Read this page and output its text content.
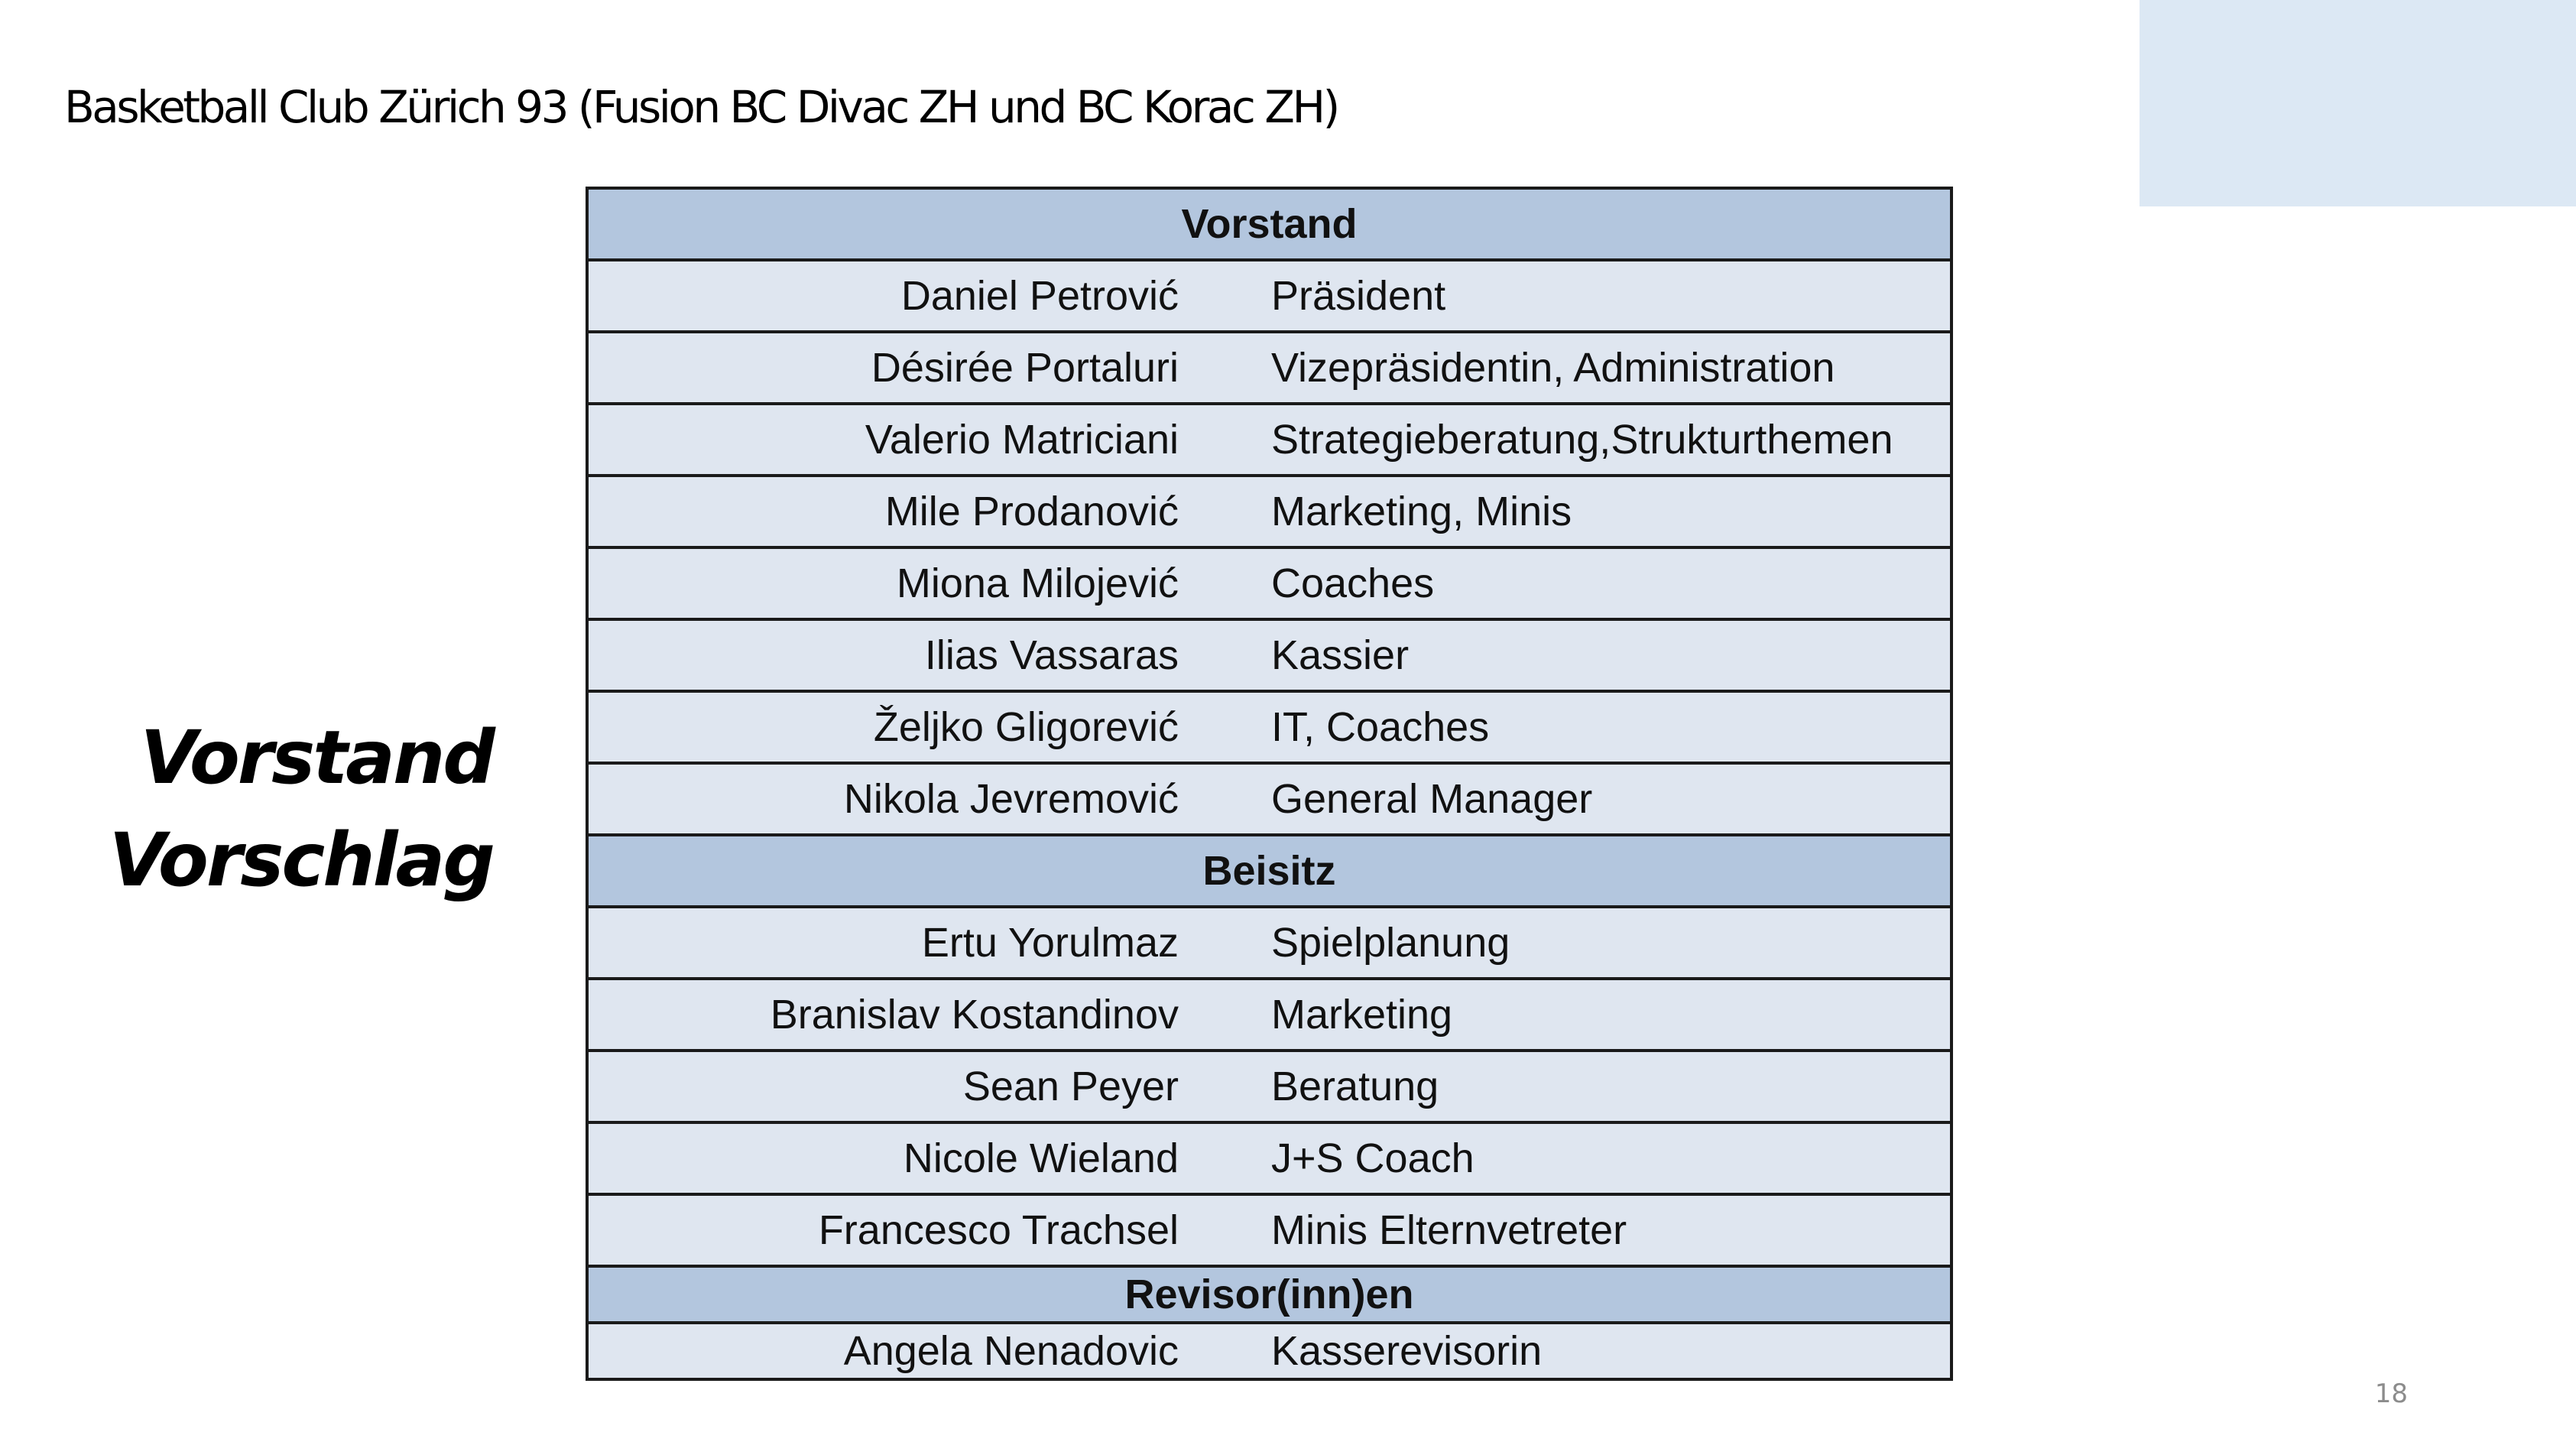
Basketball Club Zürich 93 (Fusion BC Divac ZH und BC Korac ZH)
Vorstand
Vorschlag
Vorstand

Daniel Petrović Präsident

Désirée Portaluri Vizepräsidentin, Administration

Valerio Matriciani Strategieberatung,Strukturthemen

Mile Prodanović Marketing, Minis

Miona Milojević Coaches

Ilias Vassaras Kassier

Željko Gligorević IT, Coaches

Nikola Jevremović General Manager

Beisitz

Ertu Yorulmaz Spielplanung

Branislav Kostandinov Marketing

Sean Peyer Beratung

Nicole Wieland J+S Coach

Francesco Trachsel Minis Elternvetreter

Revisor(inn)en

Angela Nenadovic Kasserevisorin
18
